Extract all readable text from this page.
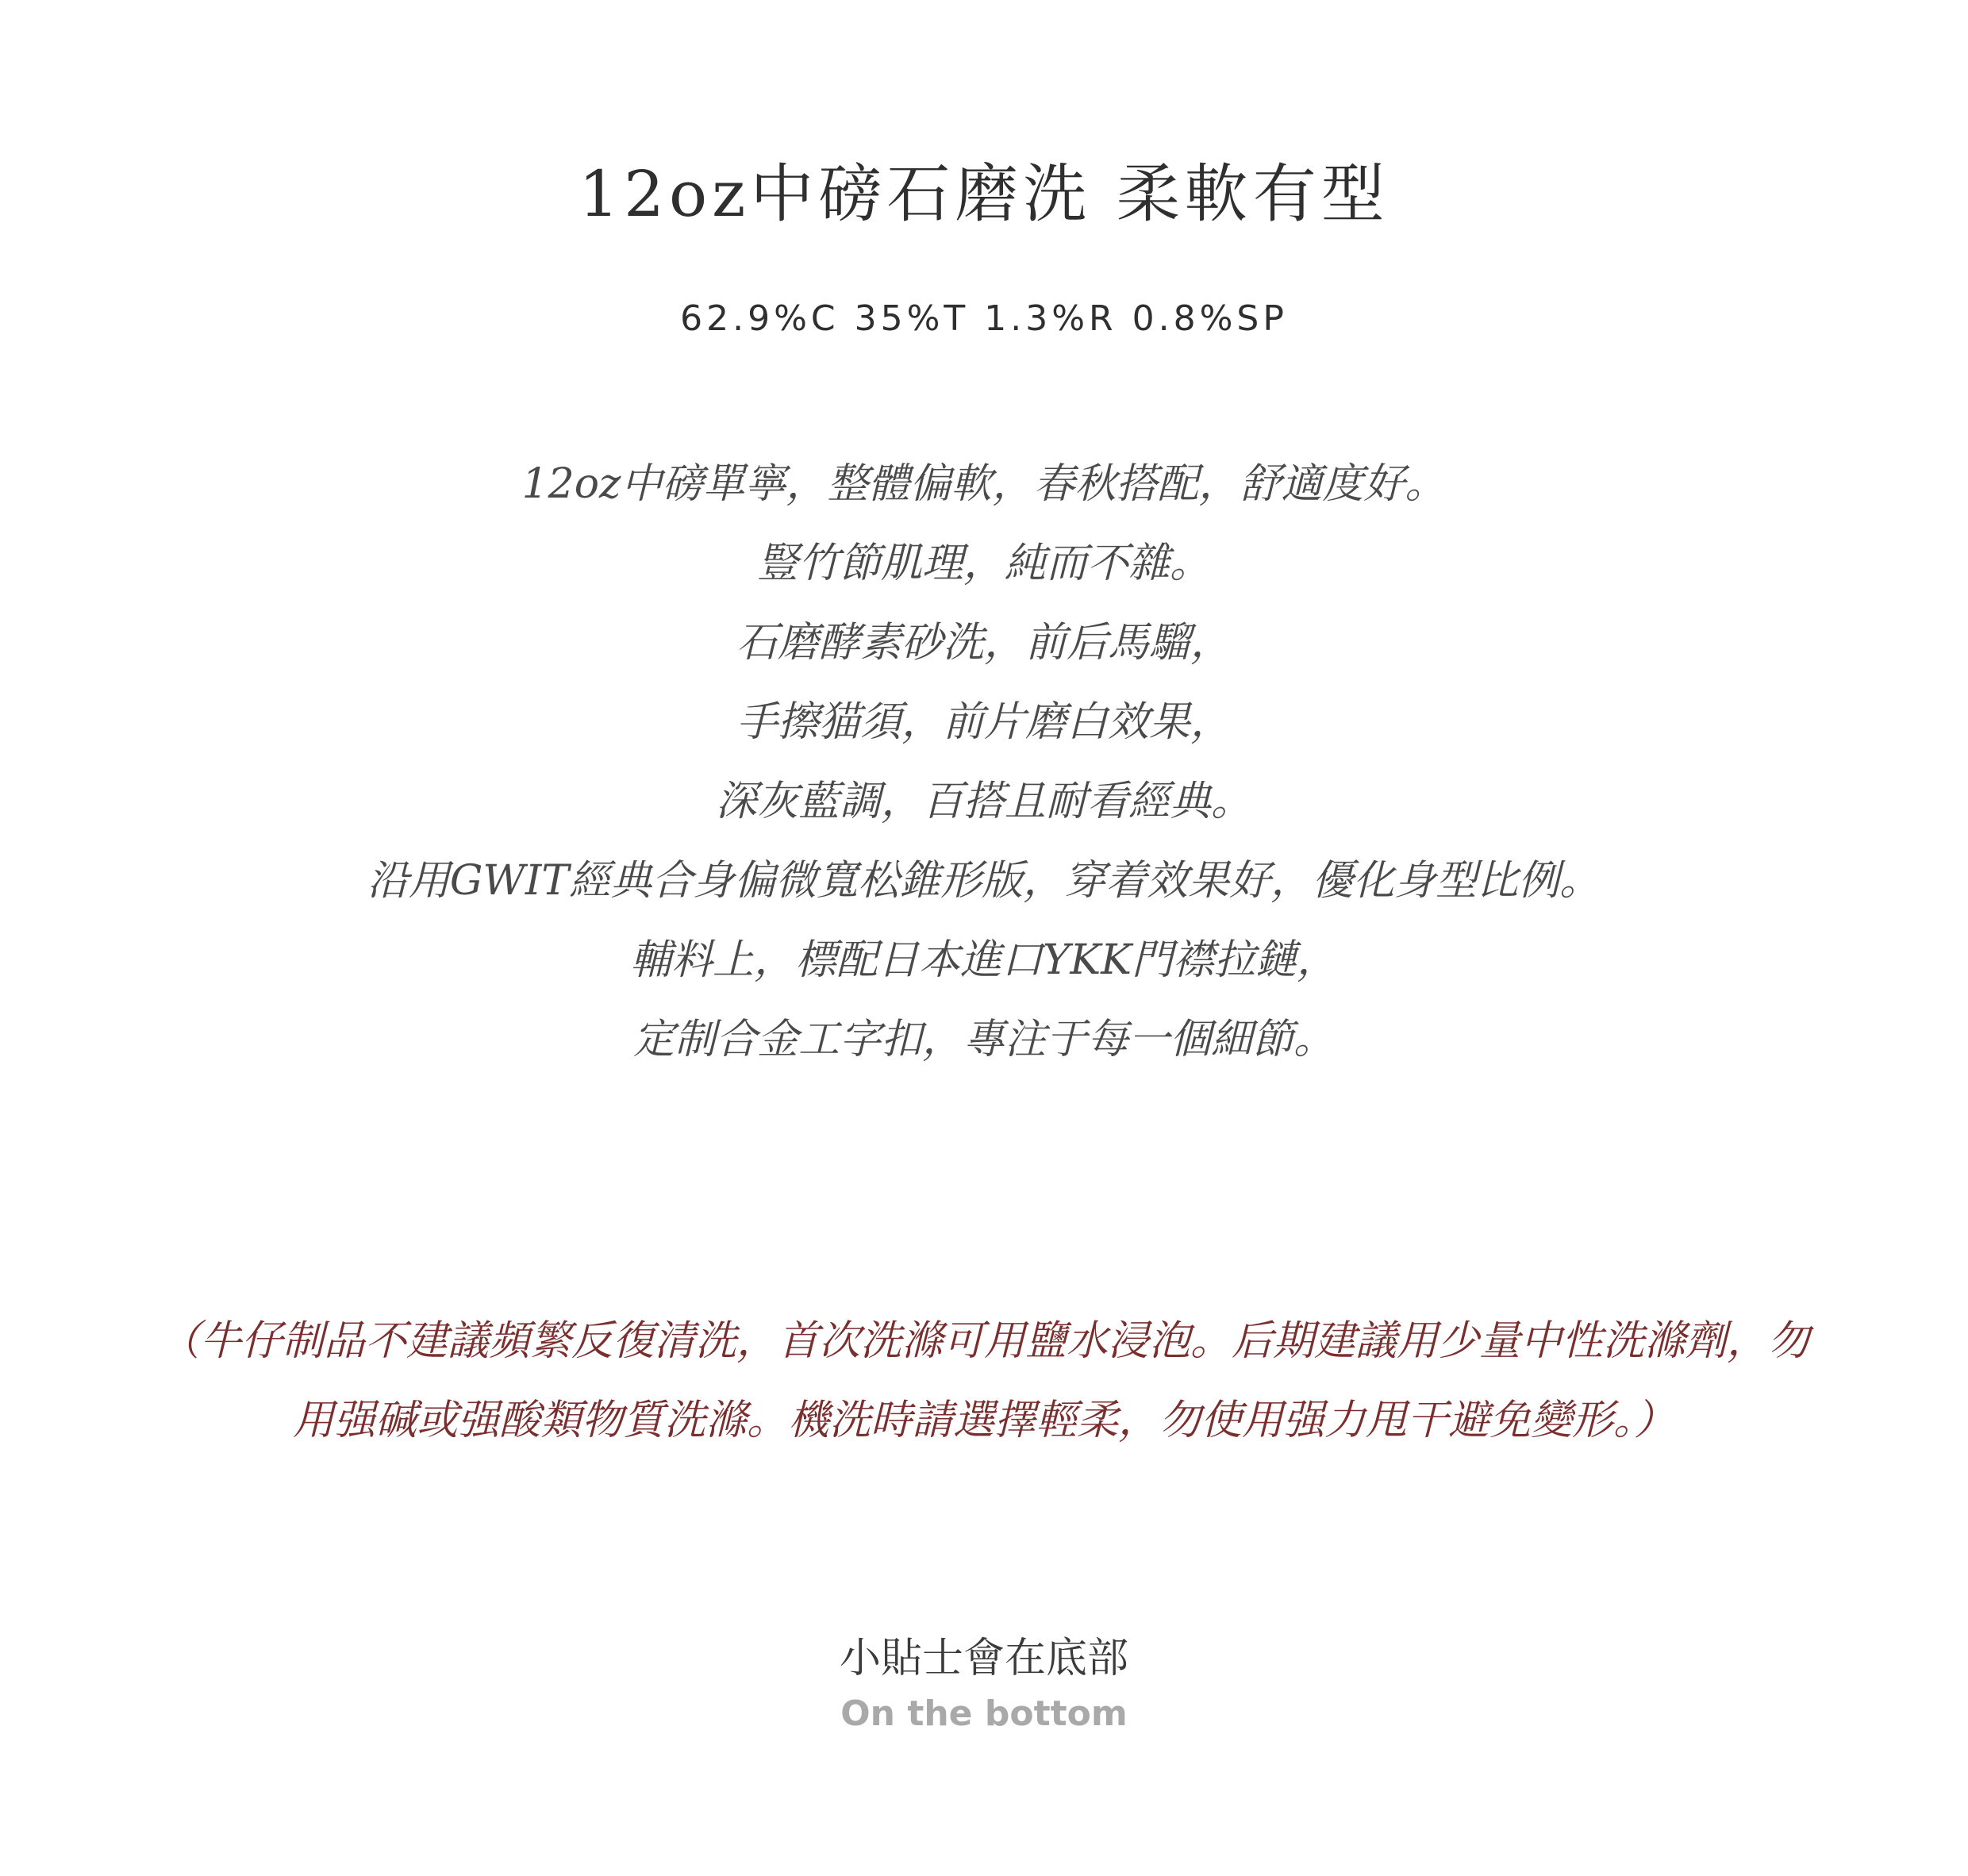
12oz中磅石磨洗 柔軟有型
62.9%C 35%T 1.3%R 0.8%SP
12oz中磅單寧，整體偏軟，春秋搭配，舒適度好。
豎竹節肌理，純而不雜。
石磨酵素砂洗，前后馬騮，
手擦猫須，前片磨白效果，
深灰藍調，百搭且耐看經典。
沿用GWIT經典合身偏微寬松錐形版，穿着效果好，優化身型比例。
輔料上，標配日本進口YKK門襟拉鏈，
定制合金工字扣，專注于每一個細節。
（牛仔制品不建議頻繁反復清洗，首次洗滌可用鹽水浸泡。后期建議用少量中性洗滌劑，勿
用强碱或强酸類物質洗滌。機洗時請選擇輕柔，勿使用强力甩干避免變形。）
小貼士會在底部
On the bottom
